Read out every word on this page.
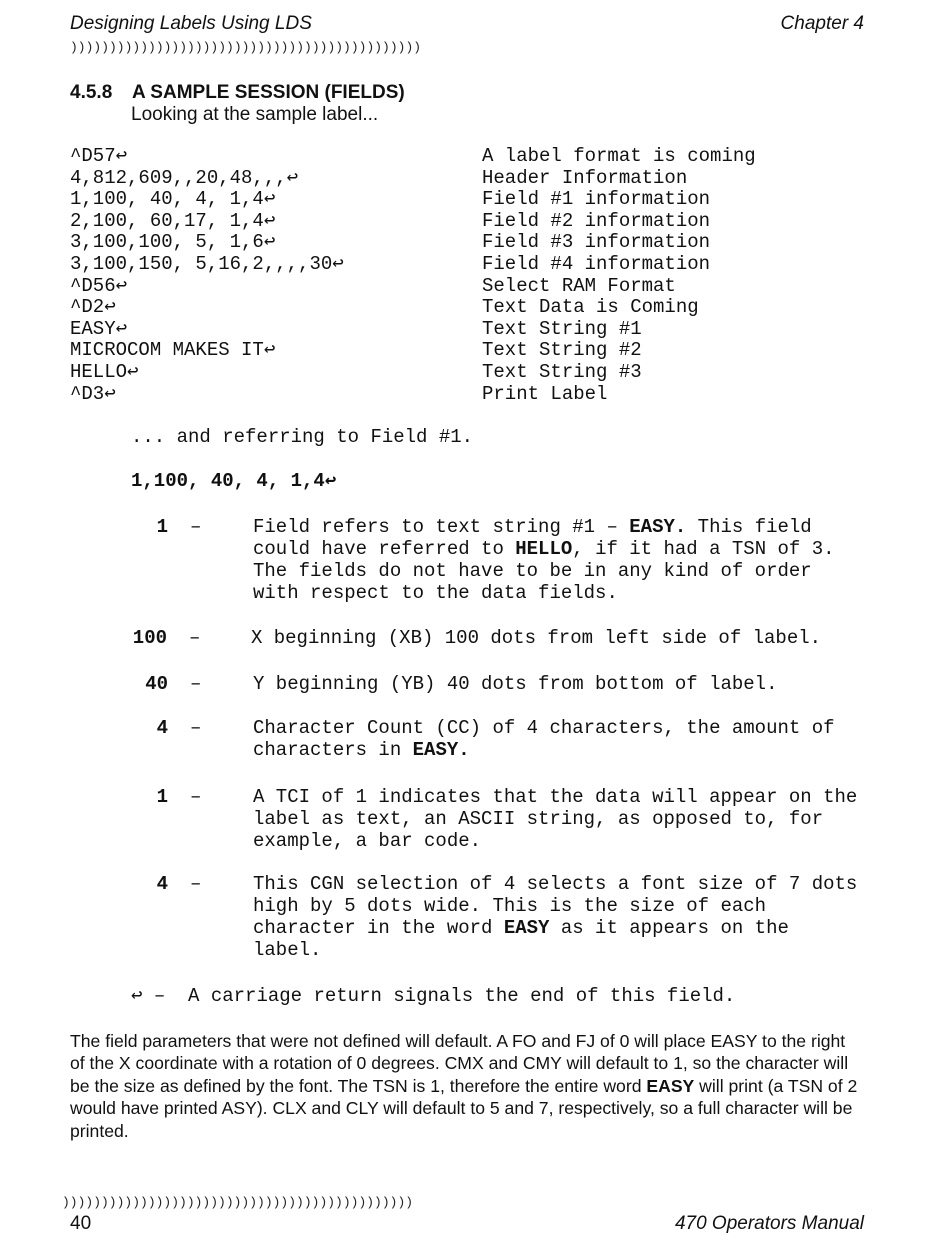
Designing Labels Using LDS	Chapter 4
)))))))))))))))))))))))))))))))))))))))))))))
4.5.8 A SAMPLE SESSION (FIELDS)
Looking at the sample label...
^D57↩	A label format is coming
4,812,609,,20,48,,,↩	Header Information
1,100, 40, 4, 1,4↩	Field #1 information
2,100, 60,17, 1,4↩	Field #2 information
3,100,100, 5, 1,6↩	Field #3 information
3,100,150, 5,16,2,,,,30↩	Field #4 information
^D56↩	Select RAM Format
^D2↩	Text Data is Coming
EASY↩	Text String #1
MICROCOM MAKES IT↩	Text String #2
HELLO↩	Text String #3
^D3↩	Print Label
... and referring to Field #1.
1,100, 40, 4, 1,4↩
1	–	Field refers to text string #1 – EASY. This field could have referred to HELLO, if it had a TSN of 3. The fields do not have to be in any kind of order with respect to the data fields.
100	–	X beginning (XB) 100 dots from left side of label.
40	–	Y beginning (YB) 40 dots from bottom of label.
4	–	Character Count (CC) of 4 characters, the amount of characters in EASY.
1	–	A TCI of 1 indicates that the data will appear on the label as text, an ASCII string, as opposed to, for example, a bar code.
4	–	This CGN selection of 4 selects a font size of 7 dots high by 5 dots wide. This is the size of each character in the word EASY as it appears on the label.
↩ –  A carriage return signals the end of this field.
The field parameters that were not defined will default. A FO and FJ of 0 will place EASY to the right of the X coordinate with a rotation of 0 degrees. CMX and CMY will default to 1, so the character will be the size as defined by the font. The TSN is 1, therefore the entire word EASY will print (a TSN of 2 would have printed ASY). CLX and CLY will default to 5 and 7, respectively, so a full character will be printed.
)))))))))))))))))))))))))))))))))))))))))))))
40	470 Operators Manual
